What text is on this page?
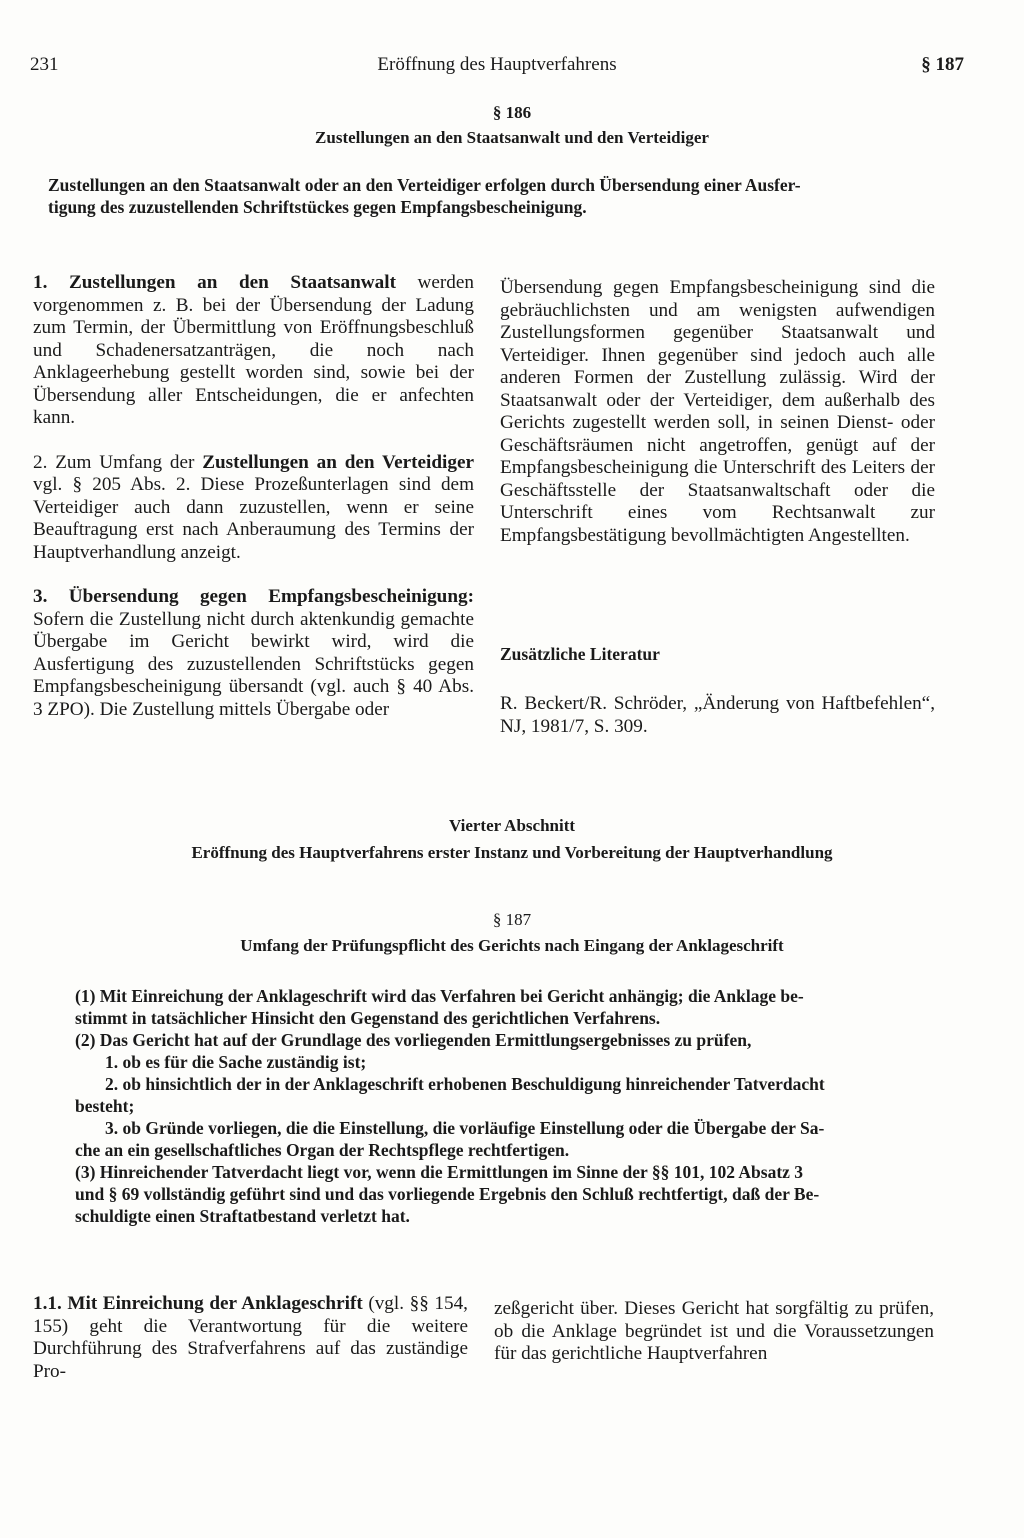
231	Eröffnung des Hauptverfahrens	§ 187
§ 186
Zustellungen an den Staatsanwalt und den Verteidiger
Zustellungen an den Staatsanwalt oder an den Verteidiger erfolgen durch Übersendung einer Ausfer-
tigung des zuzustellenden Schriftstückes gegen Empfangsbescheinigung.

1. Zustellungen an den Staatsanwalt werden vorgenommen z. B. bei der Übersendung der Ladung zum Termin, der Übermittlung von Eröffnungsbeschluß und Schadenersatzanträgen, die noch nach Anklageerhebung gestellt worden sind, sowie bei der Übersendung aller Entscheidungen, die er anfechten kann.

2. Zum Umfang der Zustellungen an den Verteidiger vgl. § 205 Abs. 2. Diese Prozeßunterlagen sind dem Verteidiger auch dann zuzustellen, wenn er seine Beauftragung erst nach Anberaumung des Termins der Hauptverhandlung anzeigt.

3. Übersendung gegen Empfangsbescheinigung: Sofern die Zustellung nicht durch aktenkundig gemachte Übergabe im Gericht bewirkt wird, wird die Ausfertigung des zuzustellenden Schriftstücks gegen Empfangsbescheinigung übersandt (vgl. auch § 40 Abs. 3 ZPO). Die Zustellung mittels Übergabe oder

Übersendung gegen Empfangsbescheinigung sind die gebräuchlichsten und am wenigsten aufwendigen Zustellungsformen gegenüber Staatsanwalt und Verteidiger. Ihnen gegenüber sind jedoch auch alle anderen Formen der Zustellung zulässig. Wird der Staatsanwalt oder der Verteidiger, dem außerhalb des Gerichts zugestellt werden soll, in seinen Dienst- oder Geschäftsräumen nicht angetroffen, genügt auf der Empfangsbescheinigung die Unterschrift des Leiters der Geschäftsstelle der Staatsanwaltschaft oder die Unterschrift eines vom Rechtsanwalt zur Empfangsbestätigung bevollmächtigten Angestellten.

Zusätzliche Literatur
R. Beckert/R. Schröder, „Änderung von Haftbefehlen“, NJ, 1981/7, S. 309.
Vierter Abschnitt
Eröffnung des Hauptverfahrens erster Instanz und Vorbereitung der Hauptverhandlung
§ 187
Umfang der Prüfungspflicht des Gerichts nach Eingang der Anklageschrift
(1) Mit Einreichung der Anklageschrift wird das Verfahren bei Gericht anhängig; die Anklage be-
stimmt in tatsächlicher Hinsicht den Gegenstand des gerichtlichen Verfahrens.
(2) Das Gericht hat auf der Grundlage des vorliegenden Ermittlungsergebnisses zu prüfen,
1. ob es für die Sache zuständig ist;
2. ob hinsichtlich der in der Anklageschrift erhobenen Beschuldigung hinreichender Tatverdacht
besteht;
3. ob Gründe vorliegen, die die Einstellung, die vorläufige Einstellung oder die Übergabe der Sa-
che an ein gesellschaftliches Organ der Rechtspflege rechtfertigen.
(3) Hinreichender Tatverdacht liegt vor, wenn die Ermittlungen im Sinne der §§ 101, 102 Absatz 3
und § 69 vollständig geführt sind und das vorliegende Ergebnis den Schluß rechtfertigt, daß der Be-
schuldigte einen Straftatbestand verletzt hat.

1.1. Mit Einreichung der Anklageschrift (vgl. §§ 154, 155) geht die Verantwortung für die weitere Durchführung des Strafverfahrens auf das zuständige Pro-

zeßgericht über. Dieses Gericht hat sorgfältig zu prüfen, ob die Anklage begründet ist und die Voraussetzungen für das gerichtliche Hauptverfahren
